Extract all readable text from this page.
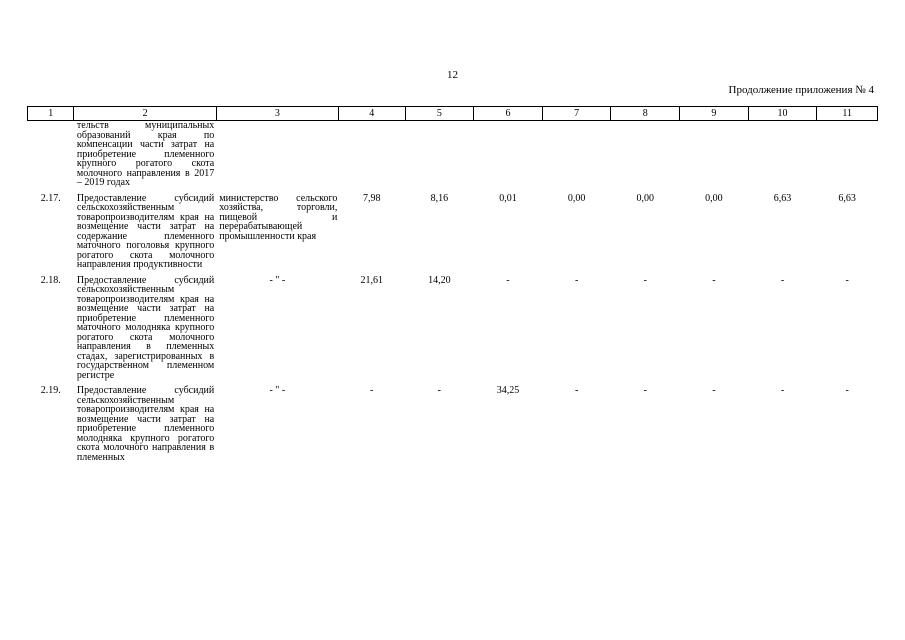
12
Продолжение приложения № 4
1	2	3	4	5	6	7	8	9	10	11
	тельств муниципальных образований края по компенсации части затрат на приобретение племенного крупного рогатого скота молочного направления в 2017 – 2019 годах									

2.17.	Предоставление субсидий сельскохозяйственным товаропроизводителям края на возмещение части затрат на содержание племенного маточного поголовья крупного рогатого скота молочного направления продуктивности	министерство сельского хозяйства, торговли, пищевой и перерабатывающей промышленности края	7,98	8,16	0,01	0,00	0,00	0,00	6,63	6,63

2.18.	Предоставление субсидий сельскохозяйственным товаропроизводителям края на возмещение части затрат на приобретение племенного маточного молодняка крупного рогатого скота молочного направления в племенных стадах, зарегистрированных в государственном племенном регистре	- " -	21,61	14,20	-	-	-	-	-	-

2.19.	Предоставление субсидий сельскохозяйственным товаропроизводителям края на возмещение части затрат на приобретение племенного молодняка крупного рогатого скота молочного направления в племенных	- " -	-	-	34,25	-	-	-	-	-
